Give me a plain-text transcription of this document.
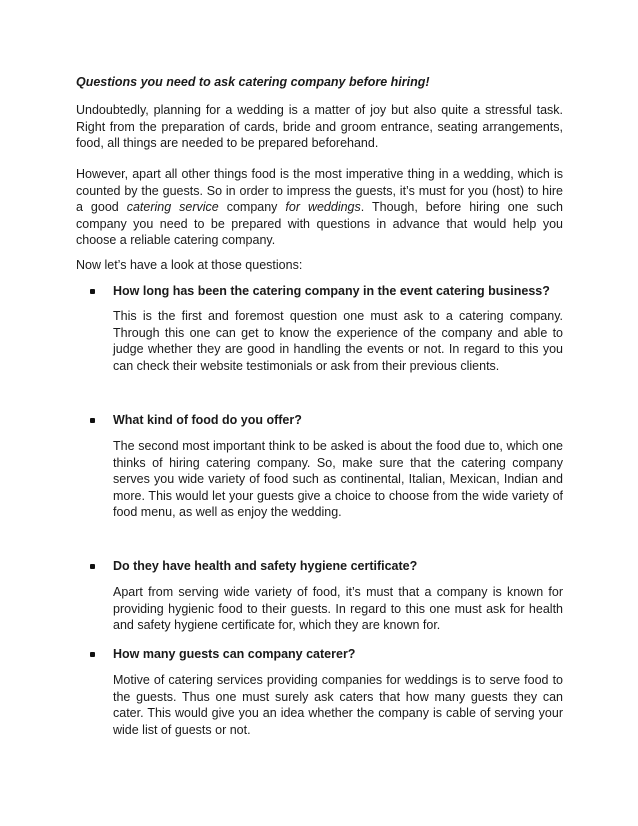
Questions you need to ask catering company before hiring!
Undoubtedly, planning for a wedding is a matter of joy but also quite a stressful task.
Right from the preparation of cards, bride and groom entrance, seating arrangements,
food, all things are needed to be prepared beforehand.
However, apart all other things food is the most imperative thing in a wedding, which is
counted by the guests. So in order to impress the guests, it’s must for you (host) to hire
a good catering service company for weddings. Though, before hiring one such
company you need to be prepared with questions in advance that would help you
choose a reliable catering company.
Now let’s have a look at those questions:
How long has been the catering company in the event catering business?
This is the first and foremost question one must ask to a catering company.
Through this one can get to know the experience of the company and able to
judge whether they are good in handling the events or not. In regard to this you
can check their website testimonials or ask from their previous clients.
What kind of food do you offer?
The second most important think to be asked is about the food due to, which one
thinks of hiring catering company. So, make sure that the catering company
serves you wide variety of food such as continental, Italian, Mexican, Indian and
more. This would let your guests give a choice to choose from the wide variety of
food menu, as well as enjoy the wedding.
Do they have health and safety hygiene certificate?
Apart from serving wide variety of food, it’s must that a company is known for
providing hygienic food to their guests. In regard to this one must ask for health
and safety hygiene certificate for, which they are known for.
How many guests can company caterer?
Motive of catering services providing companies for weddings is to serve food to
the guests. Thus one must surely ask caters that how many guests they can
cater. This would give you an idea whether the company is cable of serving your
wide list of guests or not.
